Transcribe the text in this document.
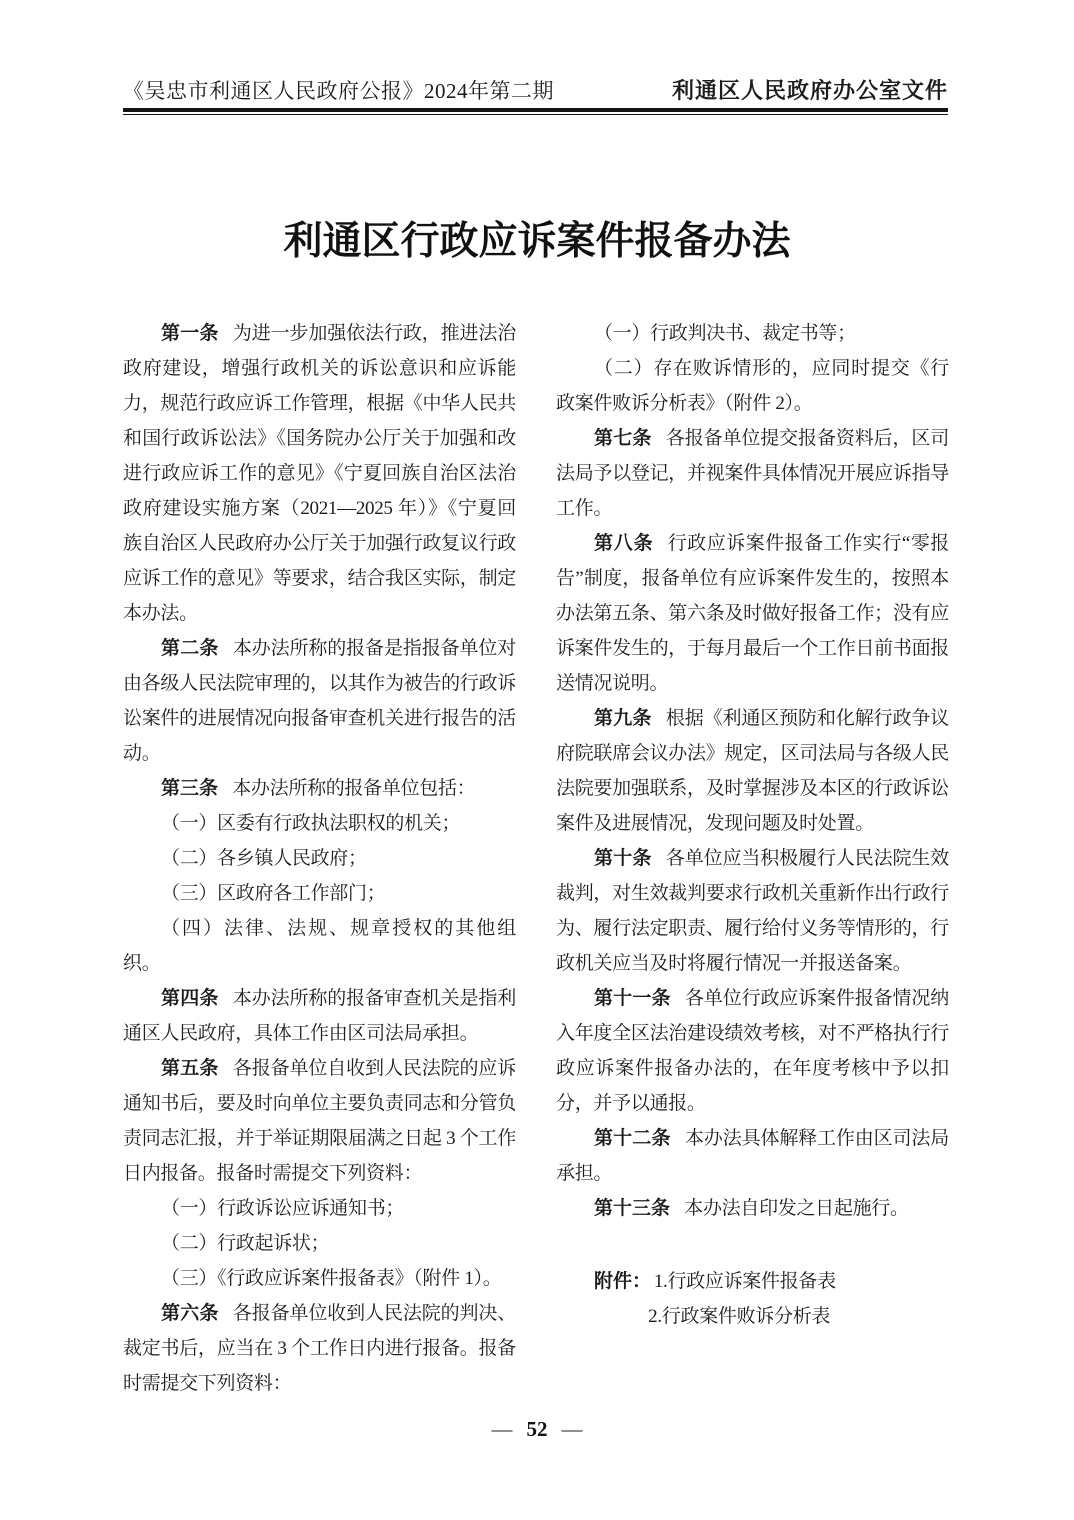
《吴忠市利通区人民政府公报》2024年第二期	利通区人民政府办公室文件
利通区行政应诉案件报备办法

第一条 为进一步加强依法行政，推进法治政府建设，增强行政机关的诉讼意识和应诉能力，规范行政应诉工作管理，根据《中华人民共和国行政诉讼法》《国务院办公厅关于加强和改进行政应诉工作的意见》《宁夏回族自治区法治政府建设实施方案（2021—2025 年）》《宁夏回族自治区人民政府办公厅关于加强行政复议行政应诉工作的意见》等要求，结合我区实际，制定本办法。

第二条 本办法所称的报备是指报备单位对由各级人民法院审理的，以其作为被告的行政诉讼案件的进展情况向报备审查机关进行报告的活动。

第三条 本办法所称的报备单位包括：

（一）区委有行政执法职权的机关；

（二）各乡镇人民政府；

（三）区政府各工作部门；

（四）法律、法规、规章授权的其他组织。

第四条 本办法所称的报备审查机关是指利通区人民政府，具体工作由区司法局承担。

第五条 各报备单位自收到人民法院的应诉通知书后，要及时向单位主要负责同志和分管负责同志汇报，并于举证期限届满之日起 3 个工作日内报备。报备时需提交下列资料：

（一）行政诉讼应诉通知书；

（二）行政起诉状；

（三）《行政应诉案件报备表》（附件 1）。

第六条 各报备单位收到人民法院的判决、裁定书后，应当在 3 个工作日内进行报备。报备时需提交下列资料：

（一）行政判决书、裁定书等；

（二）存在败诉情形的，应同时提交《行政案件败诉分析表》（附件 2）。

第七条 各报备单位提交报备资料后，区司法局予以登记，并视案件具体情况开展应诉指导工作。

第八条 行政应诉案件报备工作实行“零报告”制度，报备单位有应诉案件发生的，按照本办法第五条、第六条及时做好报备工作；没有应诉案件发生的，于每月最后一个工作日前书面报送情况说明。

第九条 根据《利通区预防和化解行政争议府院联席会议办法》规定，区司法局与各级人民法院要加强联系，及时掌握涉及本区的行政诉讼案件及进展情况，发现问题及时处置。

第十条 各单位应当积极履行人民法院生效裁判，对生效裁判要求行政机关重新作出行政行为、履行法定职责、履行给付义务等情形的，行政机关应当及时将履行情况一并报送备案。

第十一条 各单位行政应诉案件报备情况纳入年度全区法治建设绩效考核，对不严格执行行政应诉案件报备办法的，在年度考核中予以扣分，并予以通报。

第十二条 本办法具体解释工作由区司法局承担。

第十三条 本办法自印发之日起施行。

附件： 1.行政应诉案件报备表

2.行政案件败诉分析表

— 52 —
